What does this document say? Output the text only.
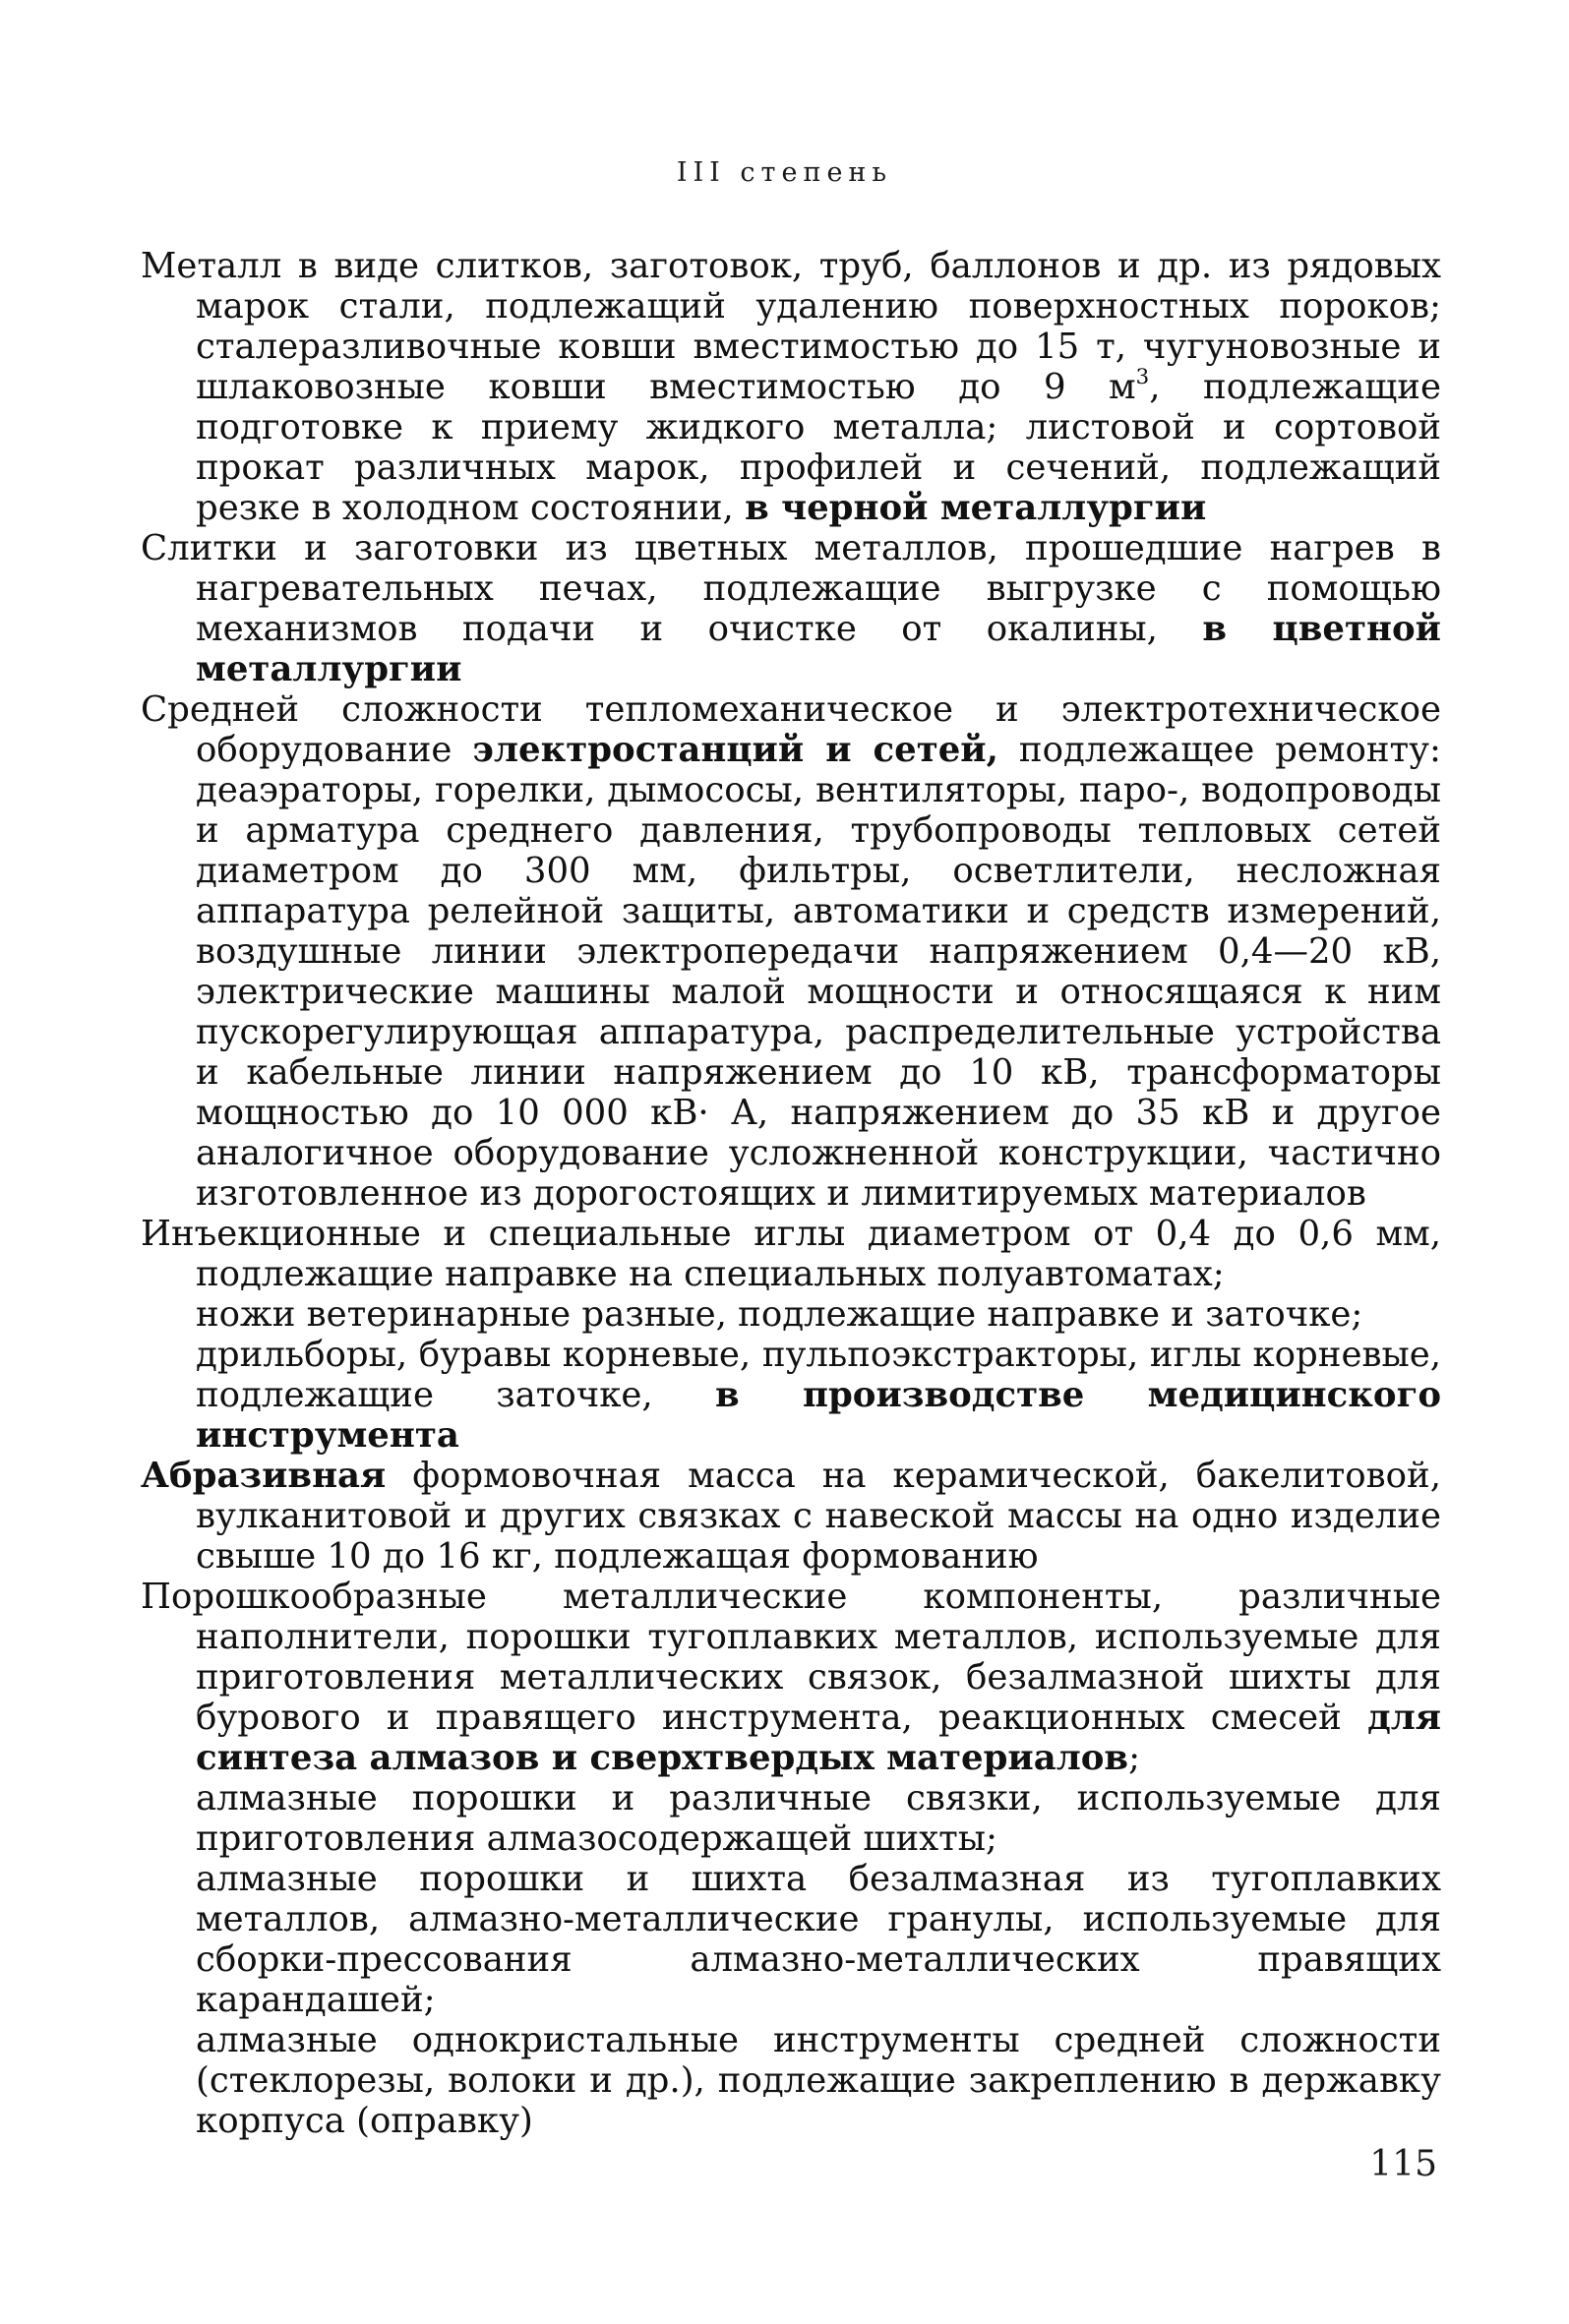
III степень

Металл в виде слитков, заготовок, труб, баллонов и др. из рядовых марок стали, подлежащий удалению поверхностных пороков; сталеразливочные ковши вместимостью до 15 т, чугуновозные и шлаковозные ковши вместимостью до 9 $м^3$, подлежащие подготовке к приему жидкого металла; листовой и сортовой прокат различных марок, профилей и сечений, подлежащий резке в холодном состоянии, в черной металлургии

Слитки и заготовки из цветных металлов, прошедшие нагрев в нагревательных печах, подлежащие выгрузке с помощью механизмов подачи и очистке от окалины, в цветной металлургии

Средней сложности тепломеханическое и электротехническое оборудование электростанций и сетей, подлежащее ремонту: деаэраторы, горелки, дымососы, вентиляторы, паро-, водопроводы и арматура среднего давления, трубопроводы тепловых сетей диаметром до 300 мм, фильтры, осветлители, несложная аппаратура релейной защиты, автоматики и средств измерений, воздушные линии электропередачи напряжением 0,4—20 кВ, электрические машины малой мощности и относящаяся к ним пускорегулирующая аппаратура, распределительные устройства и кабельные линии напряжением до 10 кВ, трансформаторы мощностью до 10 000 кВ· А, напряжением до 35 кВ и другое аналогичное оборудование усложненной конструкции, частично изготовленное из дорогостоящих и лимитируемых материалов

Инъекционные и специальные иглы диаметром от 0,4 до 0,6 мм, подлежащие направке на специальных полуавтоматах;

ножи ветеринарные разные, подлежащие направке и заточке;

дрильборы, буравы корневые, пульпоэкстракторы, иглы корневые, подлежащие заточке, в производстве медицинского инструмента

Абразивная формовочная масса на керамической, бакелитовой, вулканитовой и других связках с навеской массы на одно изделие свыше 10 до 16 кг, подлежащая формованию

Порошкообразные металлические компоненты, различные наполнители, порошки тугоплавких металлов, используемые для приготовления металлических связок, безалмазной шихты для бурового и правящего инструмента, реакционных смесей для синтеза алмазов и сверхтвердых материалов;

алмазные порошки и различные связки, используемые для приготовления алмазосодержащей шихты;

алмазные порошки и шихта безалмазная из тугоплавких металлов, алмазно-металлические гранулы, используемые для сборки-прессования алмазно-металлических правящих карандашей;

алмазные однокристальные инструменты средней сложности (стеклорезы, волоки и др.), подлежащие закреплению в державку корпуса (оправку)

115
